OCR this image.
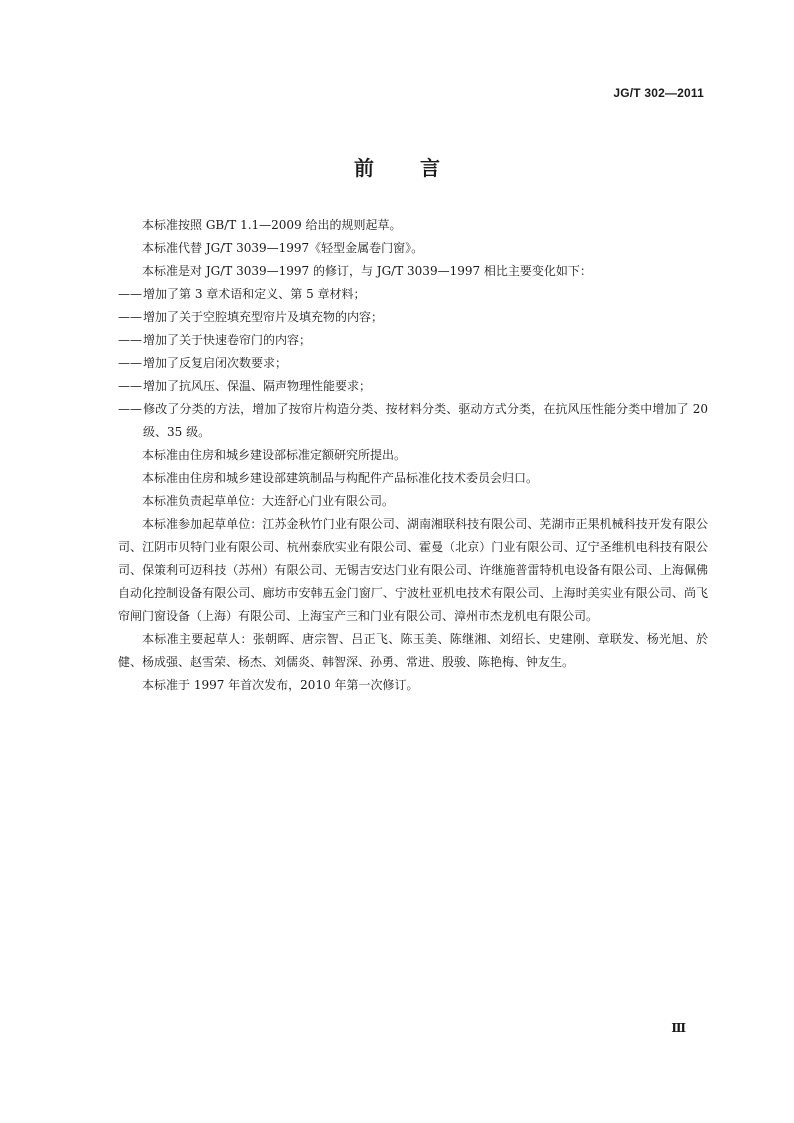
JG/T 302—2011
前 言

本标准按照 GB/T 1.1—2009 给出的规则起草。

本标准代替 JG/T 3039—1997《轻型金属卷门窗》。

本标准是对 JG/T 3039—1997 的修订，与 JG/T 3039—1997 相比主要变化如下：

——增加了第 3 章术语和定义、第 5 章材料；

——增加了关于空腔填充型帘片及填充物的内容；

——增加了关于快速卷帘门的内容；

——增加了反复启闭次数要求；

——增加了抗风压、保温、隔声物理性能要求；

——修改了分类的方法，增加了按帘片构造分类、按材料分类、驱动方式分类，在抗风压性能分类中增加了 20 级、35 级。

本标准由住房和城乡建设部标准定额研究所提出。

本标准由住房和城乡建设部建筑制品与构配件产品标准化技术委员会归口。

本标准负责起草单位：大连舒心门业有限公司。

本标准参加起草单位：江苏金秋竹门业有限公司、湖南湘联科技有限公司、芜湖市正果机械科技开发有限公司、江阴市贝特门业有限公司、杭州泰欣实业有限公司、霍曼（北京）门业有限公司、辽宁圣维机电科技有限公司、保策利可迈科技（苏州）有限公司、无锡吉安达门业有限公司、许继施普雷特机电设备有限公司、上海佩佛自动化控制设备有限公司、廊坊市安韩五金门窗厂、宁波杜亚机电技术有限公司、上海时美实业有限公司、尚飞帘闸门窗设备（上海）有限公司、上海宝产三和门业有限公司、漳州市杰龙机电有限公司。

本标准主要起草人：张朝晖、唐宗智、吕正飞、陈玉美、陈继湘、刘绍长、史建刚、章联发、杨光旭、於健、杨成强、赵雪荣、杨杰、刘儒炎、韩智深、孙勇、常进、殷骏、陈艳梅、钟友生。

本标准于 1997 年首次发布，2010 年第一次修订。

Ⅲ
